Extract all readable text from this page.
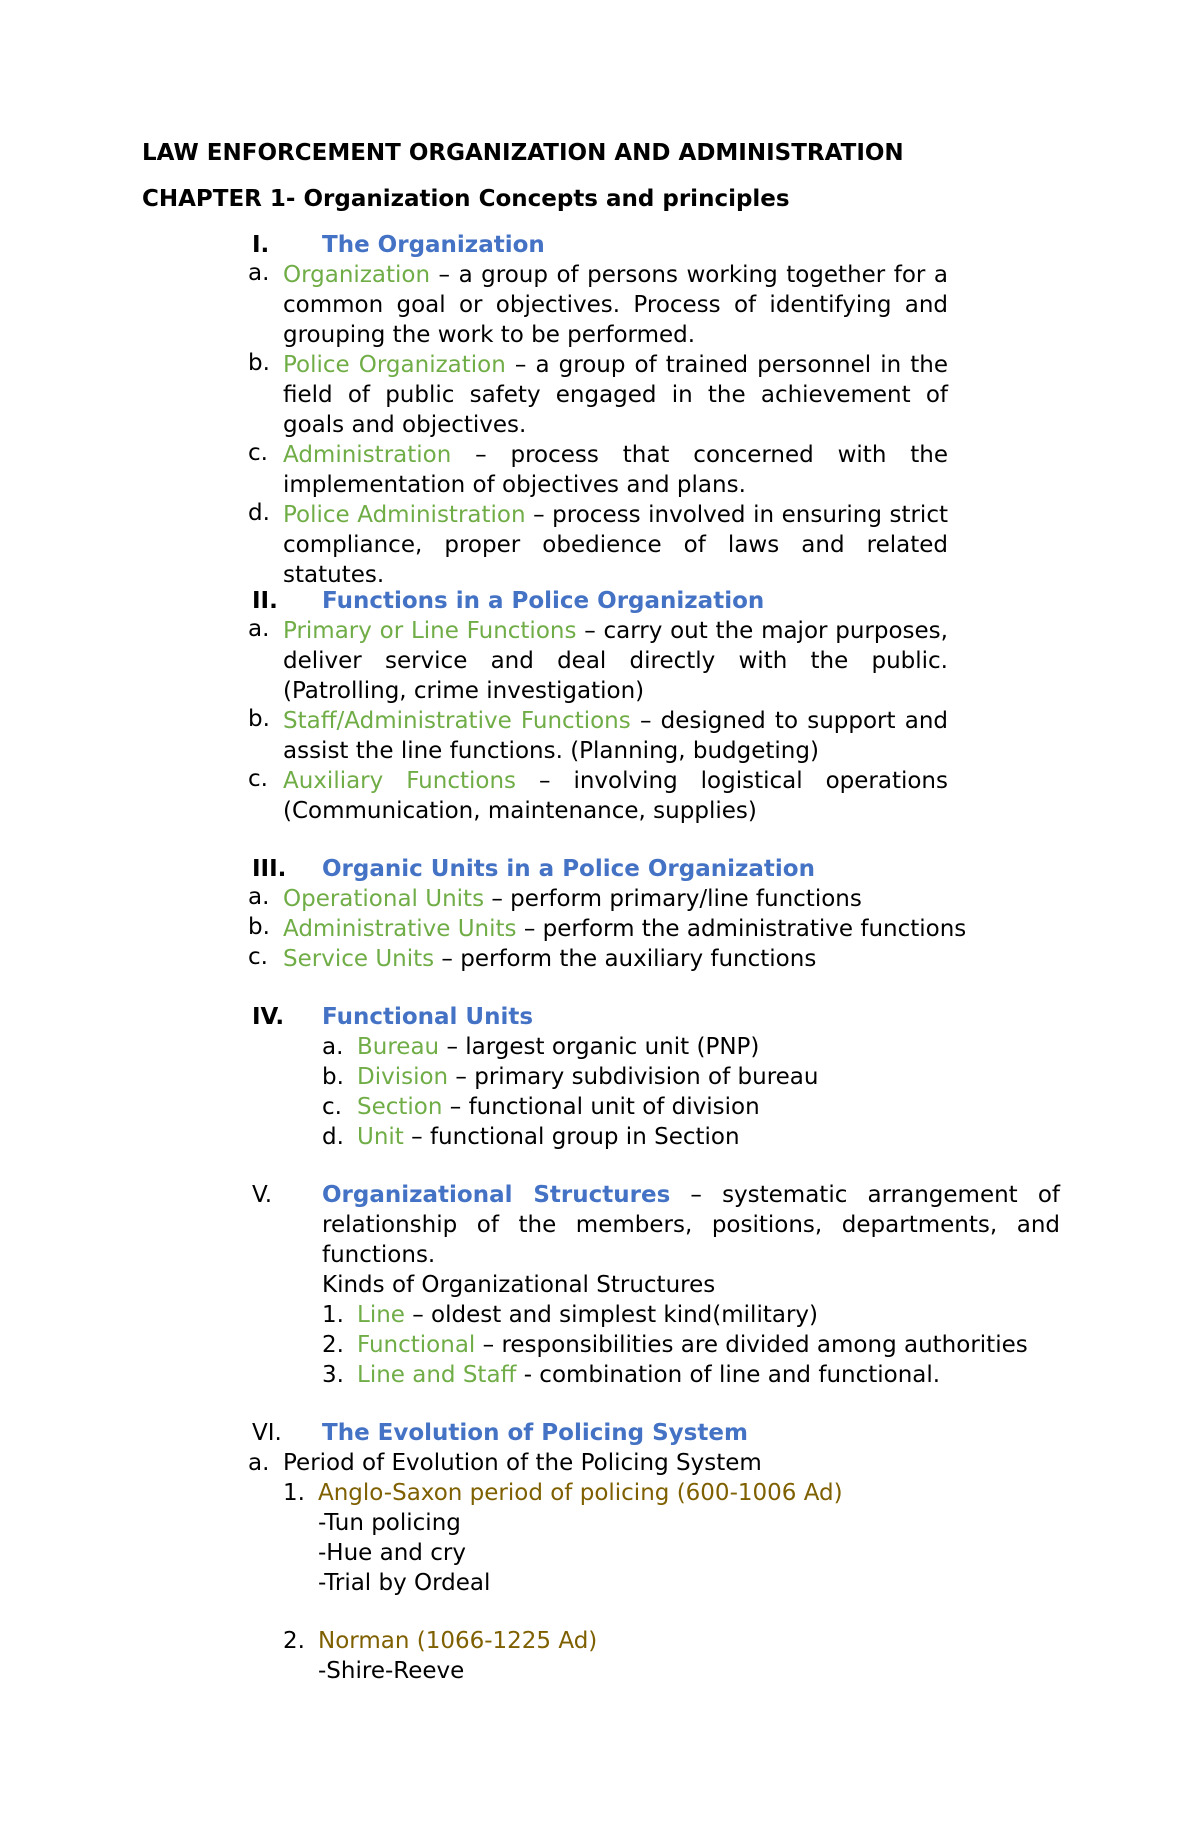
LAW ENFORCEMENT ORGANIZATION AND ADMINISTRATION
CHAPTER 1- Organization Concepts and principles
I. The Organization
a. Organization – a group of persons working together for a common goal or objectives. Process of identifying and grouping the work to be performed.
b. Police Organization – a group of trained personnel in the field of public safety engaged in the achievement of goals and objectives.
c. Administration – process that concerned with the implementation of objectives and plans.
d. Police Administration – process involved in ensuring strict compliance, proper obedience of laws and related statutes.
II. Functions in a Police Organization
a. Primary or Line Functions – carry out the major purposes, deliver service and deal directly with the public. (Patrolling, crime investigation)
b. Staff/Administrative Functions – designed to support and assist the line functions. (Planning, budgeting)
c. Auxiliary Functions – involving logistical operations (Communication, maintenance, supplies)
III. Organic Units in a Police Organization
a. Operational Units – perform primary/line functions
b. Administrative Units – perform the administrative functions
c. Service Units – perform the auxiliary functions
IV. Functional Units
a. Bureau – largest organic unit (PNP)
b. Division – primary subdivision of bureau
c. Section – functional unit of division
d. Unit – functional group in Section
V. Organizational Structures – systematic arrangement of relationship of the members, positions, departments, and functions.
Kinds of Organizational Structures
1. Line – oldest and simplest kind(military)
2. Functional – responsibilities are divided among authorities
3. Line and Staff - combination of line and functional.
VI. The Evolution of Policing System
a. Period of Evolution of the Policing System
1. Anglo-Saxon period of policing (600-1006 Ad)
-Tun policing
-Hue and cry
-Trial by Ordeal
2. Norman (1066-1225 Ad)
-Shire-Reeve
